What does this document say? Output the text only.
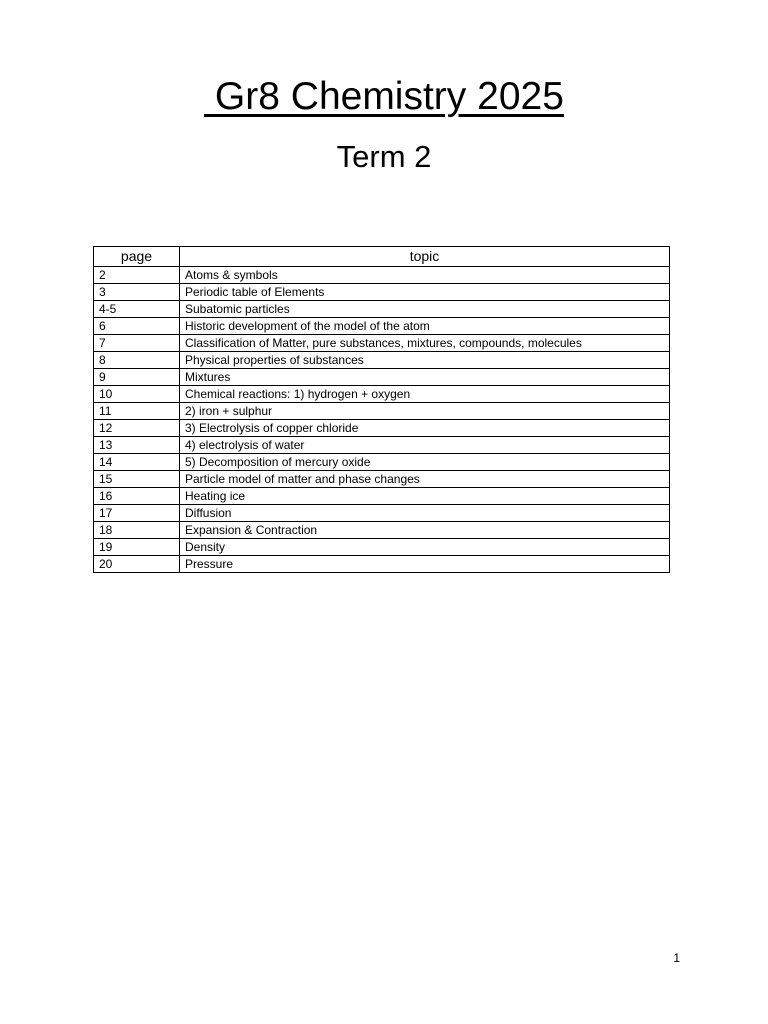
Gr8 Chemistry 2025
Term 2
page	topic
2	Atoms & symbols
3	Periodic table of Elements
4-5	Subatomic particles
6	Historic development of the model of the atom
7	Classification of Matter, pure substances, mixtures, compounds, molecules
8	Physical properties of substances
9	Mixtures
10	Chemical reactions: 1) hydrogen + oxygen
11	2) iron + sulphur
12	3) Electrolysis of copper chloride
13	4) electrolysis of water
14	5) Decomposition of mercury oxide
15	Particle model of matter and phase changes
16	Heating ice
17	Diffusion
18	Expansion & Contraction
19	Density
20	Pressure
1
